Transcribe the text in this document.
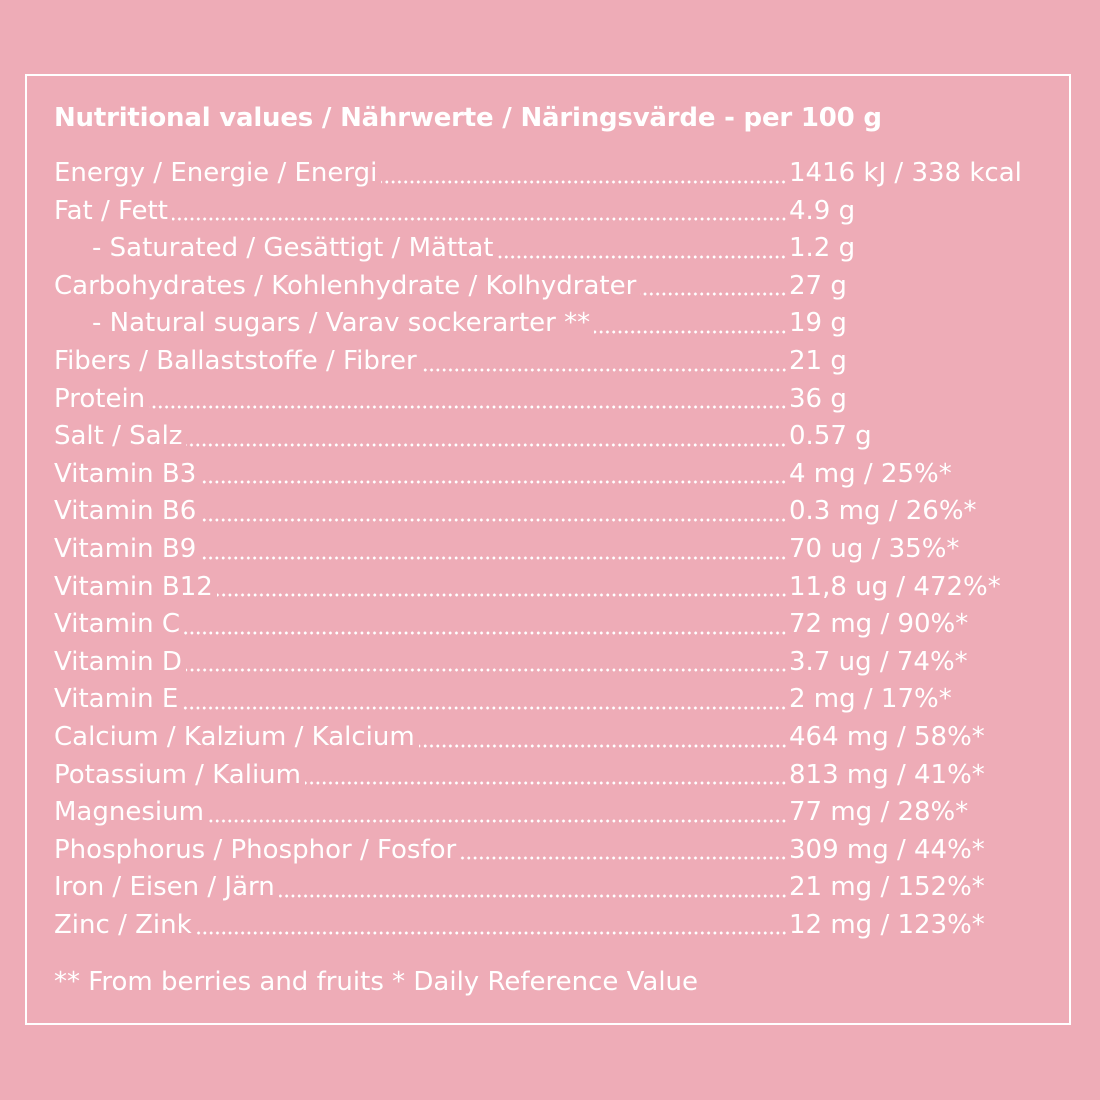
Nutritional values / Nährwerte / Näringsvärde - per 100 g
Energy / Energie / Energi	1416 kJ / 338 kcal
Fat / Fett	4.9 g
- Saturated / Gesättigt / Mättat	1.2 g
Carbohydrates / Kohlenhydrate / Kolhydrater	27 g
- Natural sugars / Varav sockerarter **	19 g
Fibers / Ballaststoffe / Fibrer	21 g
Protein	36 g
Salt / Salz	0.57 g
Vitamin B3	4 mg / 25%*
Vitamin B6	0.3 mg / 26%*
Vitamin B9	70 ug / 35%*
Vitamin B12	11,8 ug / 472%*
Vitamin C	72 mg / 90%*
Vitamin D	3.7 ug / 74%*
Vitamin E	2 mg / 17%*
Calcium / Kalzium / Kalcium	464 mg / 58%*
Potassium / Kalium	813 mg / 41%*
Magnesium	77 mg / 28%*
Phosphorus / Phosphor / Fosfor	309 mg / 44%*
Iron / Eisen / Järn	21 mg / 152%*
Zinc / Zink	12 mg / 123%*
** From berries and fruits * Daily Reference Value
